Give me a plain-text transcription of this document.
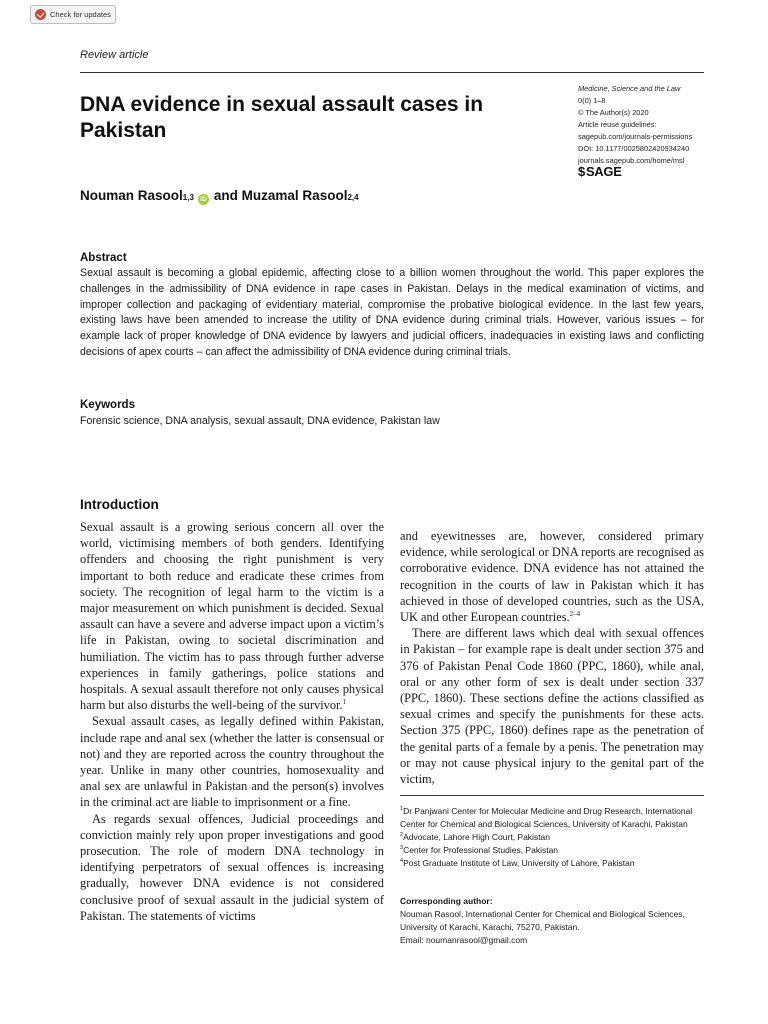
Check for updates
Review article
DNA evidence in sexual assault cases in Pakistan
Medicine, Science and the Law
0(0) 1–8
© The Author(s) 2020
Article reuse guidelines:
sagepub.com/journals-permissions
DOI: 10.1177/0025802420934240
journals.sagepub.com/home/msl
$ SAGE
Nouman Rasool 1,3 iD and
Muzamal Rasool 2,4
Abstract
Sexual assault is becoming a global epidemic, affecting close to a billion women throughout the world. This paper explores the challenges in the admissibility of DNA evidence in rape cases in Pakistan. Delays in the medical examination of victims, and improper collection and packaging of evidentiary material, compromise the probative biological evidence. In the last few years, existing laws have been amended to increase the utility of DNA evidence during criminal trials. However, various issues – for example lack of proper knowledge of DNA evidence by lawyers and judicial officers, inadequacies in existing laws and conflicting decisions of apex courts – can affect the admissibility of DNA evidence during criminal trials.
Keywords
Forensic science, DNA analysis, sexual assault, DNA evidence, Pakistan law
Introduction

Sexual assault is a growing serious concern all over the world, victimising members of both genders. Identifying offenders and choosing the right punishment is very important to both reduce and eradicate these crimes from society. The recognition of legal harm to the victim is a major measurement on which punishment is decided. Sexual assault can have a severe and adverse impact upon a victim’s life in Pakistan, owing to societal discrimination and humiliation. The victim has to pass through further adverse experiences in family gatherings, police stations and hospitals. A sexual assault therefore not only causes physical harm but also disturbs the well-being of the survivor.$^1$

Sexual assault cases, as legally defined within Pakistan, include rape and anal sex (whether the latter is consensual or not) and they are reported across the country throughout the year. Unlike in many other countries, homosexuality and anal sex are unlawful in Pakistan and the person(s) involves in the criminal act are liable to imprisonment or a fine.

As regards sexual offences, Judicial proceedings and conviction mainly rely upon proper investigations and good prosecution. The role of modern DNA technology in identifying perpetrators of sexual offences is increasing gradually, however DNA evidence is not considered conclusive proof of sexual assault in the judicial system of Pakistan. The statements of victims

and eyewitnesses are, however, considered primary evidence, while serological or DNA reports are recognised as corroborative evidence. DNA evidence has not attained the recognition in the courts of law in Pakistan which it has achieved in those of developed countries, such as the USA, UK and other European countries.$^{2-4}$

There are different laws which deal with sexual offences in Pakistan – for example rape is dealt under section 375 and 376 of Pakistan Penal Code 1860 (PPC, 1860), while anal, oral or any other form of sex is dealt under section 337 (PPC, 1860). These sections define the actions classified as sexual crimes and specify the punishments for these acts. Section 375 (PPC, 1860) defines rape as the penetration of the genital parts of a female by a penis. The penetration may or may not cause physical injury to the genital part of the victim,

$^1$Dr Panjwani Center for Molecular Medicine and Drug Research, International Center for Chemical and Biological Sciences, University of Karachi, Pakistan

$^2$Advocate, Lahore High Court, Pakistan

$^3$Center for Professional Studies, Pakistan

$^4$Post Graduate Institute of Law, University of Lahore, Pakistan

Corresponding author:
Nouman Rasool, International Center for Chemical and Biological Sciences, University of Karachi, Karachi, 75270, Pakistan.
Email: noumanrasool@gmail.com
